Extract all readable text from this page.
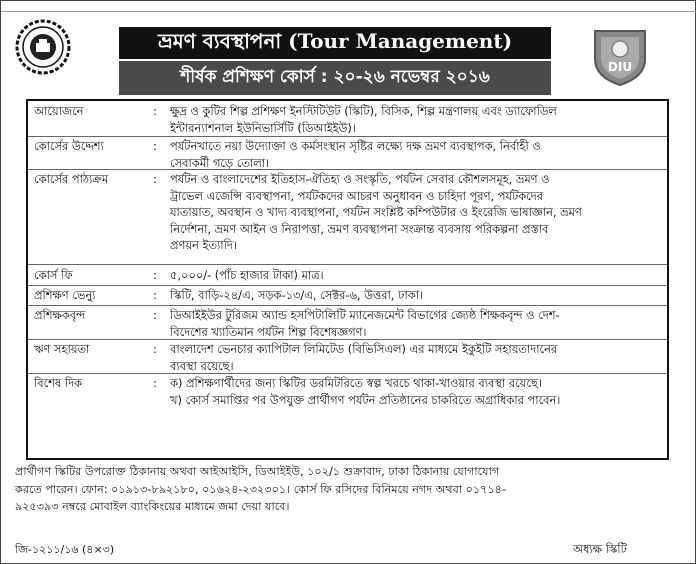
DIU
ভ্রমণ ব্যবস্থাপনা (Tour Management)
শীর্ষক প্রশিক্ষণ কোর্স : ২০-২৬ নভেম্বর ২০১৬
আয়োজনে	: ক্ষুদ্র ও কুটির শিল্প প্রশিক্ষণ ইনস্টিটিউট (স্কিটি), বিসিক, শিল্প মন্ত্রণালয় এবং ড্যাফোডিল
ইন্টারন্যাশনাল ইউনিভার্সিটি (ডিআইইউ)।
কোর্সের উদ্দেশ্য	: পর্যটনখাতে নয়া উদ্যোক্তা ও কর্মসংস্থান সৃষ্টির লক্ষ্যে দক্ষ ভ্রমণ ব্যবস্থাপক, নির্বাহী ও
সেবাকর্মী গড়ে তোলা।
কোর্সের পাঠ্যক্রম	: পর্যটন ও বাংলাদেশের ইতিহাস-ঐতিহ্য ও সংস্কৃতি, পর্যটন সেবার কৌশলসমূহ, ভ্রমণ ও
ট্রাভেল এজেন্সি ব্যবস্থাপনা, পর্যটকদের আচরণ অনুধাবন ও চাহিদা পূরণ, পর্যটকদের
যাতায়াত, অবস্থান ও খাদ্য ব্যবস্থাপনা, পর্যটন সংশ্লিষ্ট কম্পিউটার ও ইংরেজি ভাষাজ্ঞান, ভ্রমণ
নির্দেশনা, ভ্রমণ আইন ও নিরাপত্তা, ভ্রমণ ব্যবস্থাপনা সংক্রান্ত ব্যবসায় পরিকল্পনা প্রস্তাব
প্রণয়ন ইত্যাদি।
কোর্স ফি	: ৫,০০০/- (পাঁচ হাজার টাকা) মাত্র।
প্রশিক্ষণ ভেন্যু	: স্কিটি, বাড়ি-২৪/এ, সড়ক-১৩/এ, সেক্টর-৬, উত্তরা, ঢাকা।
প্রশিক্ষকবৃন্দ	: ডিআইইউর টুরিজম অ্যান্ড হসপিটালিটি ম্যানেজমেন্ট বিভাগের জ্যেষ্ঠ শিক্ষকবৃন্দ ও দেশ-
বিদেশের খ্যাতিমান পর্যটন শিল্প বিশেষজ্ঞগণ।
ঋণ সহায়তা	: বাংলাদেশ ভেনচার ক্যাপিটাল লিমিটেড (বিভিসিএল) এর মাধ্যমে ইকুইটি সহায়তাদানের
ব্যবস্থা রয়েছে।
বিশেষ দিক	: ক) প্রশিক্ষণার্থীদের জন্য স্কিটির ডরমিটরিতে স্বল্প খরচে থাকা-খাওয়ার ব্যবস্থা রয়েছে।
খ) কোর্স সমাপ্তির পর উপযুক্ত প্রার্থীগণ পর্যটন প্রতিষ্ঠানের চাকরিতে অগ্রাধিকার পাবেন।
প্রার্থীগণ স্কিটির উপরোক্ত ঠিকানায় অথবা আইআইসি, ডিআইইউ, ১০২/১ শুক্রাবাদ, ঢাকা ঠিকানায় যোগাযোগ
করতে পারেন। ফোন: ০১৯১৩-৮৯২১৮০, ০১৬২৪-২৩২৩০১। কোর্স ফি রসিদের বিনিময়ে নগদ অথবা ০১৭১৪-
৯২৫৩৯৩ নম্বরে মোবাইল ব্যাংকিংয়ের মাধ্যমে জমা দেয়া যাবে।
জি-১২১১/১৬ (৪×৩)	অধ্যক্ষ স্কিটি
